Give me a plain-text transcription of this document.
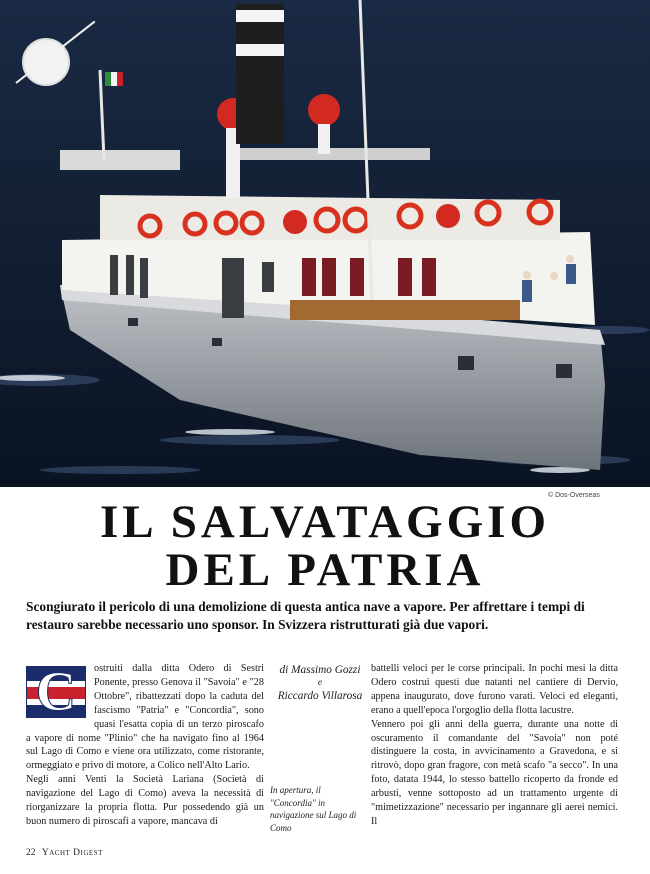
© Dos-Overseas
IL SALVATAGGIO
DEL PATRIA

Scongiurato il pericolo di una demolizione di questa antica nave a vapore. Per affrettare i tempi di restauro sarebbe necessario uno sponsor. In Svizzera ristrutturati già due vapori.

C	ostruiti dalla ditta Odero di Sestri Ponente, presso Genova il "Savoia" e "28 Ottobre", ribattezzati dopo la caduta del fascismo "Patria" e "Concordia", sono quasi l'esatta copia di un terzo piroscafo a vapore di nome "Plinio" che ha navigato fino al 1964 sul Lago di Como e viene ora utilizzato, come ristorante, ormeggiato e privo di motore, a Colico nell'Alto Lario.

Negli anni Venti la Società Lariana (Società di navigazione del Lago di Como) aveva la necessità di riorganizzare la propria flotta. Pur possedendo già un buon numero di piroscafi a vapore, mancava di

di Massimo Gozzi
e
Riccardo Villarosa

In apertura, il "Concordia" in navigazione sul Lago di Como

battelli veloci per le corse principali. In pochi mesi la ditta Odero costruì questi due natanti nel cantiere di Dervio, appena inaugurato, dove furono varati. Veloci ed eleganti, erano a quell'epoca l'orgoglio della flotta lacustre.

Vennero poi gli anni della guerra, durante una notte di oscuramento il comandante del "Savoia" non poté distinguere la costa, in avvicinamento a Gravedona, e si ritrovò, dopo gran fragore, con metà scafo "a secco". In una foto, datata 1944, lo stesso battello ricoperto da fronde ed arbusti, venne sottoposto ad un trattamento urgente di "mimetizzazione" necessario per ingannare gli aerei nemici. Il

22 Yacht Digest
